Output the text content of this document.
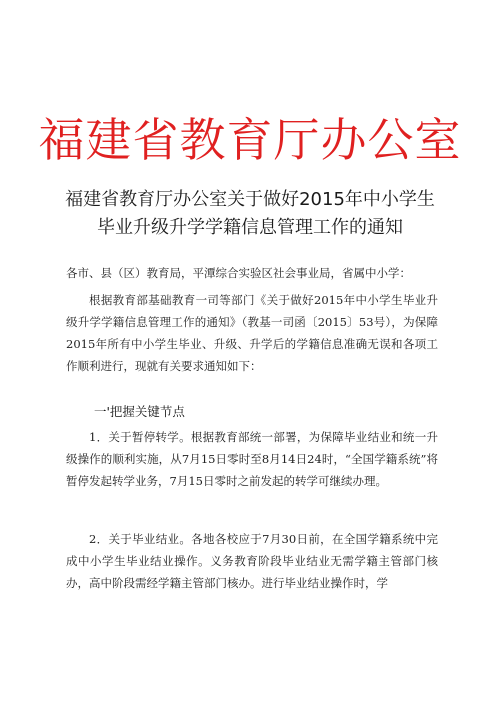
福建省教育厅办公室
福建省教育厅办公室关于做好2015年中小学生
毕业升级升学学籍信息管理工作的通知
各市、县（区）教育局，平潭综合实验区社会事业局，省属中小学：
根据教育部基础教育一司等部门《关于做好2015年中小学生毕业升级升学学籍信息管理工作的通知》（教基一司函〔2015〕53号），为保障2015年所有中小学生毕业、升级、升学后的学籍信息准确无误和各项工作顺利进行，现就有关要求通知如下：
一'把握关键节点
1．关于暂停转学。根据教育部统一部署，为保障毕业结业和统一升级操作的顺利实施，从7月15日零时至8月14日24时，“全国学籍系统”将暂停发起转学业务，7月15日零时之前发起的转学可继续办理。
2．关于毕业结业。各地各校应于7月30日前，在全国学籍系统中完成中小学生毕业结业操作。义务教育阶段毕业结业无需学籍主管部门核办，高中阶段需经学籍主管部门核办。进行毕业结业操作时，学
